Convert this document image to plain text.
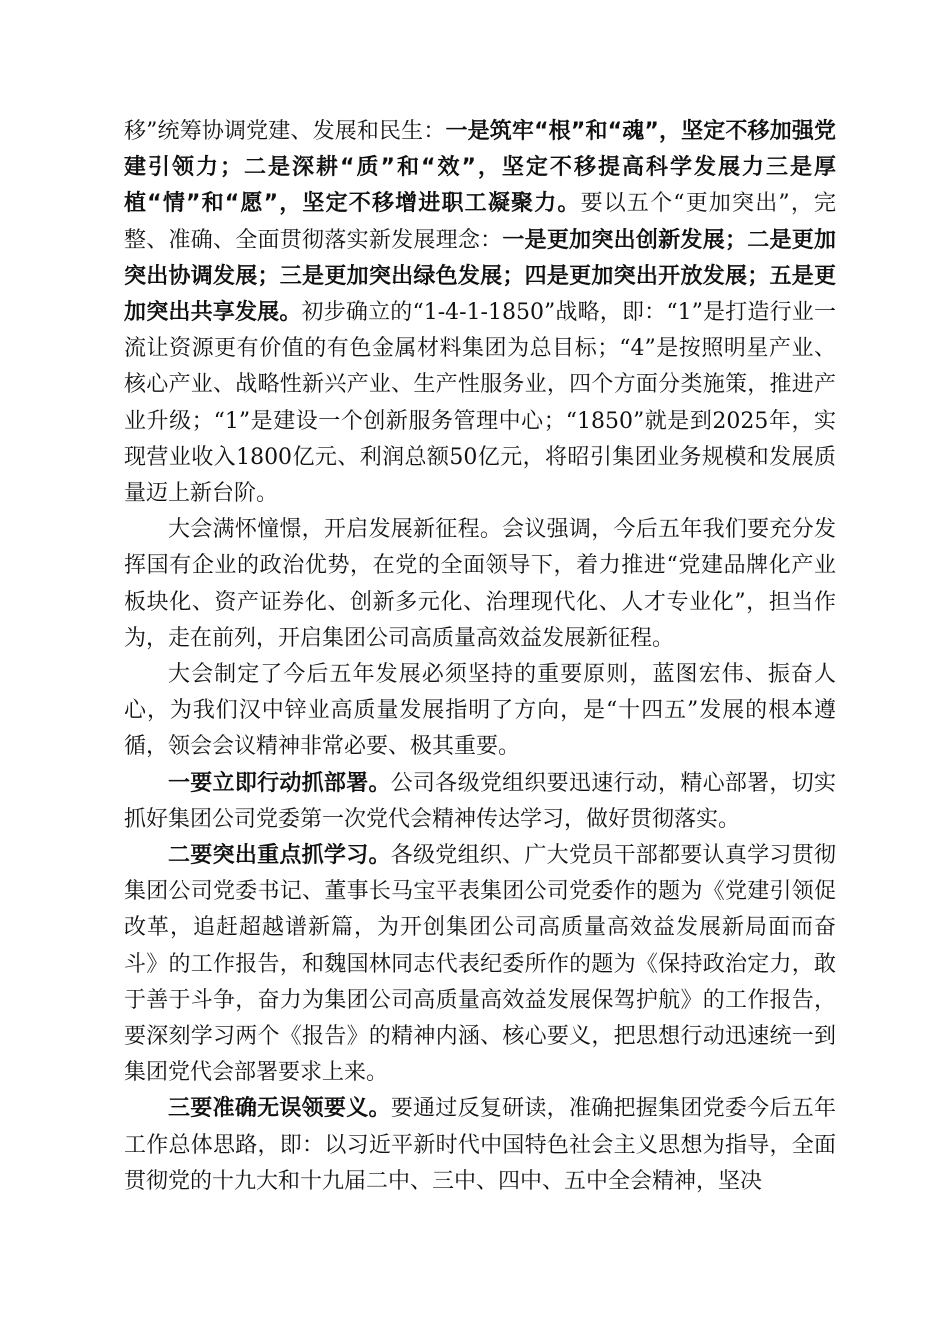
移”统筹协调党建、发展和民生：一是筑牢“根”和“魂”，坚定不移加强党建引领力；二是深耕“质”和“效”，坚定不移提高科学发展力三是厚植“情”和“愿”，坚定不移增进职工凝聚力。要以五个“更加突出”，完整、准确、全面贯彻落实新发展理念：一是更加突出创新发展；二是更加突出协调发展；三是更加突出绿色发展；四是更加突出开放发展；五是更加突出共享发展。初步确立的“1-4-1-1850”战略，即：“1”是打造行业一流让资源更有价值的有色金属材料集团为总目标；“4”是按照明星产业、核心产业、战略性新兴产业、生产性服务业，四个方面分类施策，推进产业升级；“1”是建设一个创新服务管理中心；“1850”就是到2025年，实现营业收入1800亿元、利润总额50亿元，将昭引集团业务规模和发展质量迈上新台阶。

大会满怀憧憬，开启发展新征程。会议强调，今后五年我们要充分发挥国有企业的政治优势，在党的全面领导下，着力推进“党建品牌化产业板块化、资产证券化、创新多元化、治理现代化、人才专业化”，担当作为，走在前列，开启集团公司高质量高效益发展新征程。

大会制定了今后五年发展必须坚持的重要原则，蓝图宏伟、振奋人心，为我们汉中锌业高质量发展指明了方向，是“十四五”发展的根本遵循，领会会议精神非常必要、极其重要。

一要立即行动抓部署。公司各级党组织要迅速行动，精心部署，切实抓好集团公司党委第一次党代会精神传达学习，做好贯彻落实。

二要突出重点抓学习。各级党组织、广大党员干部都要认真学习贯彻集团公司党委书记、董事长马宝平表集团公司党委作的题为《党建引领促改革，追赶超越谱新篇，为开创集团公司高质量高效益发展新局面而奋斗》的工作报告，和魏国林同志代表纪委所作的题为《保持政治定力，敢于善于斗争，奋力为集团公司高质量高效益发展保驾护航》的工作报告，要深刻学习两个《报告》的精神内涵、核心要义，把思想行动迅速统一到集团党代会部署要求上来。

三要准确无误领要义。要通过反复研读，准确把握集团党委今后五年工作总体思路，即：以习近平新时代中国特色社会主义思想为指导，全面贯彻党的十九大和十九届二中、三中、四中、五中全会精神，坚决
